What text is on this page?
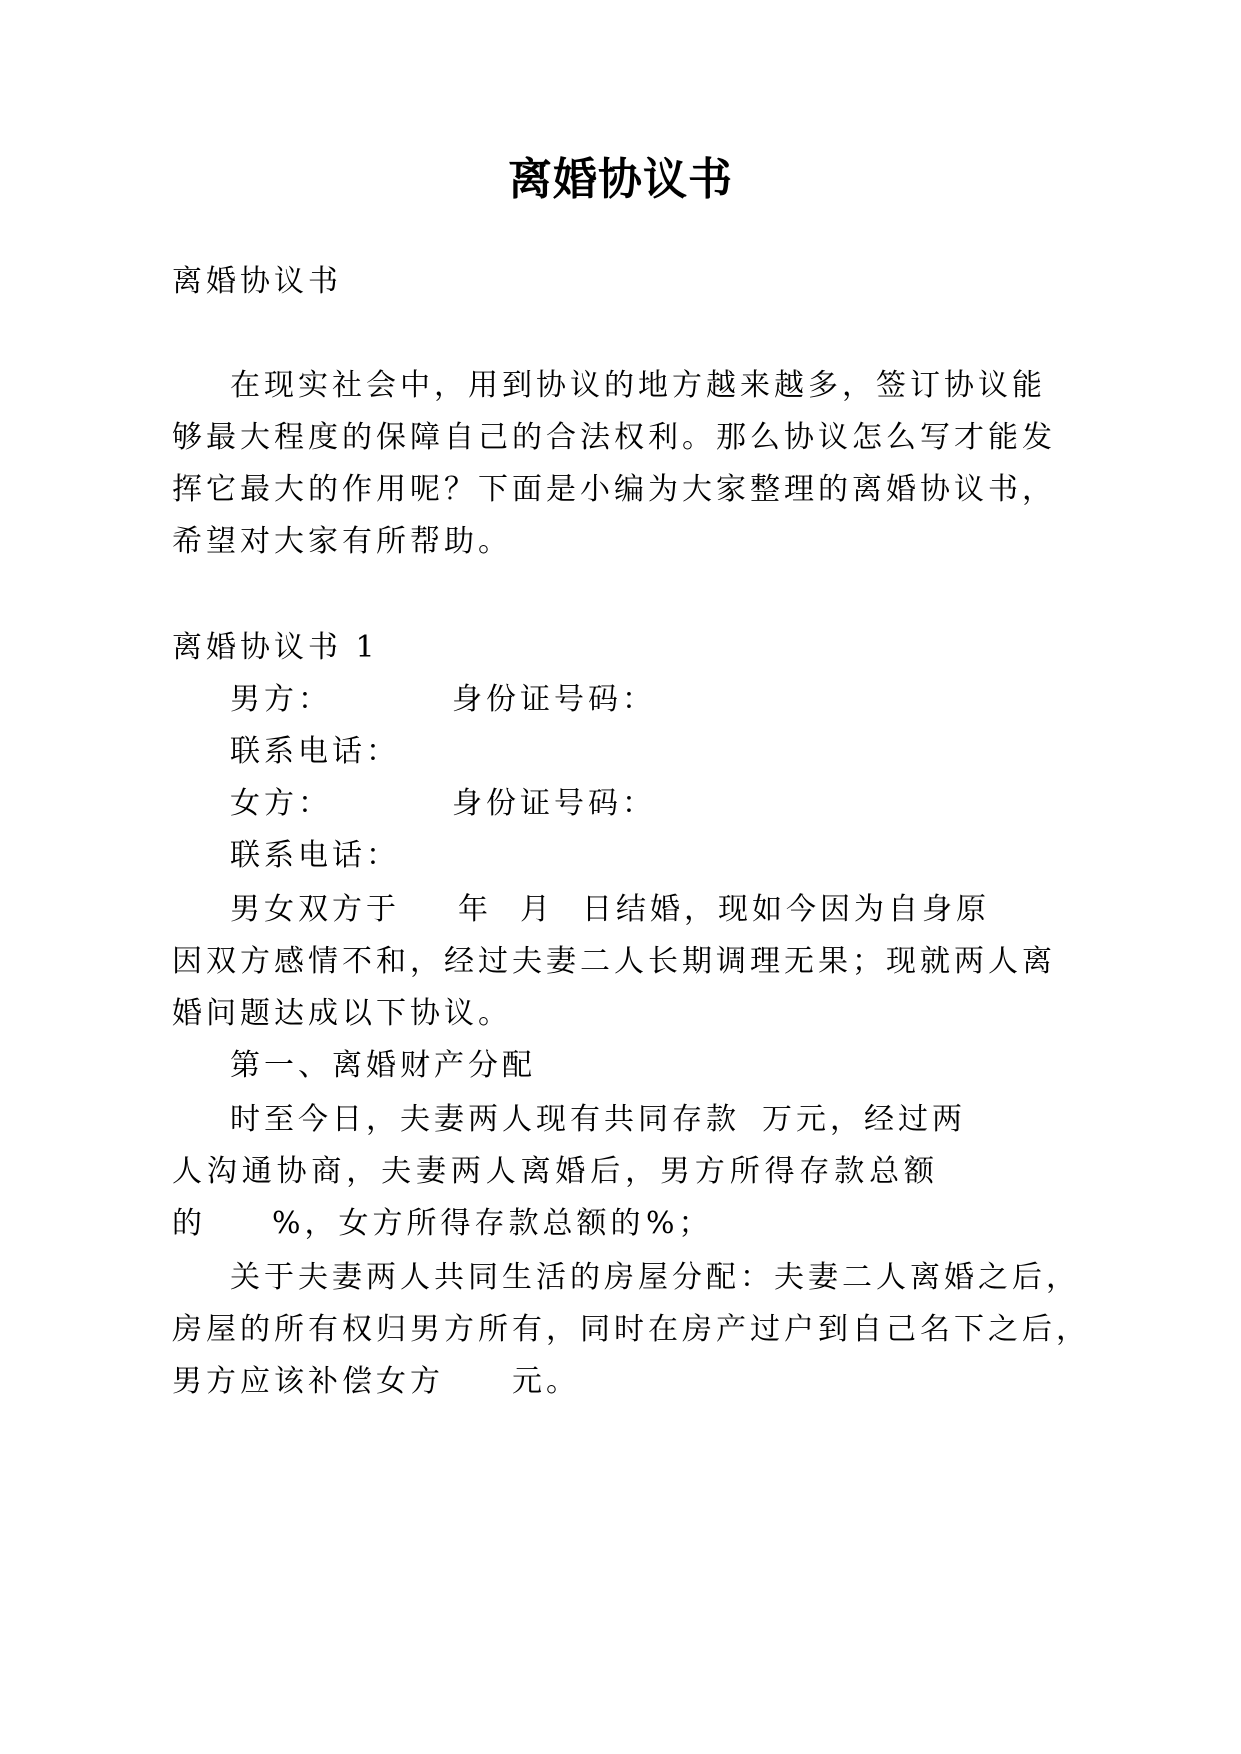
离婚协议书

离婚协议书

在现实社会中，用到协议的地方越来越多，签订协议能

够最大程度的保障自己的合法权利。那么协议怎么写才能发

挥它最大的作用呢？下面是小编为大家整理的离婚协议书，

希望对大家有所帮助。

离婚协议书 1

男方：	身份证号码：

联系电话：

女方：	身份证号码：

联系电话：

男女双方于 年 月 日结婚，现如今因为自身原

因双方感情不和，经过夫妻二人长期调理无果；现就两人离

婚问题达成以下协议。

第一、离婚财产分配

时至今日，夫妻两人现有共同存款 万元，经过两

人沟通协商，夫妻两人离婚后，男方所得存款总额

的 %，女方所得存款总额的 %；

关于夫妻两人共同生活的房屋分配：夫妻二人离婚之后，

房屋的所有权归男方所有，同时在房产过户到自己名下之后，

男方应该补偿女方 元。
